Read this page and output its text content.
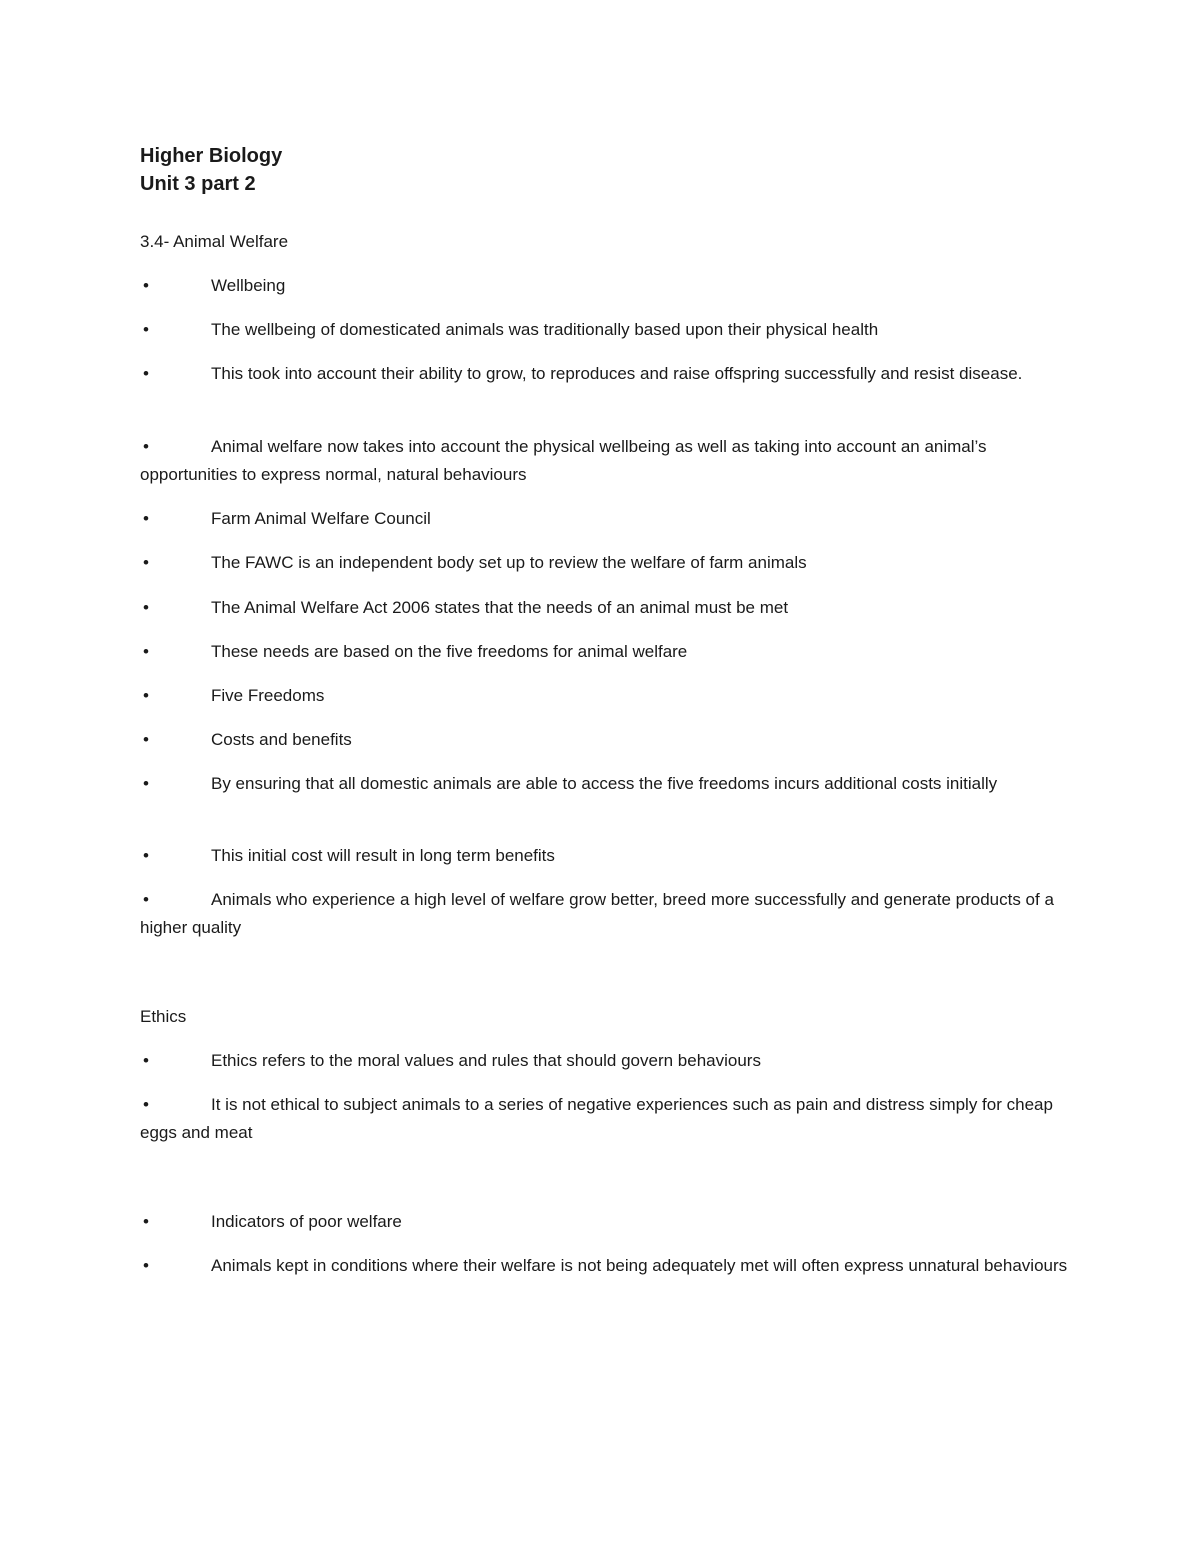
Higher Biology
Unit 3 part 2

3.4- Animal Welfare

•	Wellbeing
•	The wellbeing of domesticated animals was traditionally based upon their physical health
•	This took into account their ability to grow, to reproduces and raise offspring successfully and resist disease.
•	Animal welfare now takes into account the physical wellbeing as well as taking into account an animal’s opportunities to express normal, natural behaviours
•	Farm Animal Welfare Council
•	The FAWC is an independent body set up to review the welfare of farm animals
•	The Animal Welfare Act 2006 states that the needs of an animal must be met
•	These needs are based on the five freedoms for animal welfare
•	Five Freedoms
•	Costs and benefits
•	By ensuring that all domestic animals are able to access the five freedoms incurs additional costs initially
•	This initial cost will result in long term benefits
•	Animals who experience a high level of welfare grow better, breed more successfully and generate products of a higher quality

Ethics

•	Ethics refers to the moral values and rules that should govern behaviours
•	It is not ethical to subject animals to a series of negative experiences such as pain and distress simply for cheap eggs and meat
•	Indicators of poor welfare
•	Animals kept in conditions where their welfare is not being adequately met will often express unnatural behaviours
